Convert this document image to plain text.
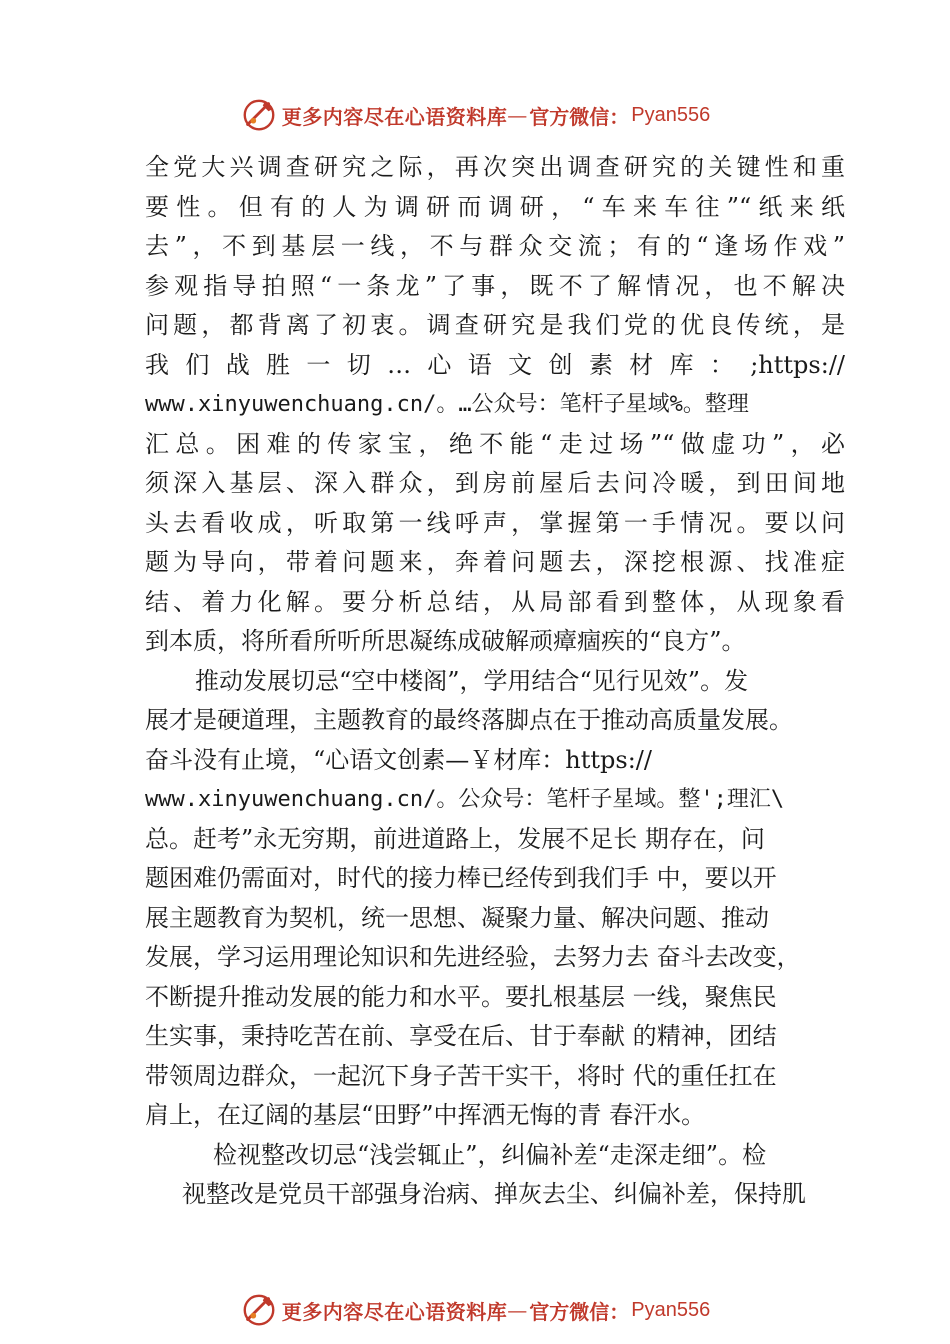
更多内容尽在心语资料库 — 官方微信： Pyan556
全党大兴调查研究之际，再次突出调查研究的关键性和重
要性。但有的人为调研而调研，“车来车往”“纸来纸
去”，不到基层一线，不与群众交流；有的“逢场作戏”
参观指导拍照“一条龙”了事，既不了解情况，也不解决
问题，都背离了初衷。调查研究是我们党的优良传统，是
我们战胜一切…心语文创素材库：;https://
www.xinyuwenchuang.cn/。…公众号：笔杆子星域%。整理
汇总。困难的传家宝，绝不能“走过场”“做虚功”，必
须深入基层、深入群众，到房前屋后去问冷暖，到田间地
头去看收成，听取第一线呼声，掌握第一手情况。要以问
题为导向，带着问题来，奔着问题去，深挖根源、找准症
结、着力化解。要分析总结，从局部看到整体，从现象看
到本质，将所看所听所思凝练成破解顽瘴痼疾的“良方”。
推动发展切忌“空中楼阁”，学用结合“见行见效”。发
展才是硬道理，主题教育的最终落脚点在于推动高质量发展。
奋斗没有止境，“心语文创素—￥材库：https://
www.xinyuwenchuang.cn/。公众号：笔杆子星域。整';理汇\
总。赶考”永无穷期，前进道路上，发展不足长 期存在，问
题困难仍需面对，时代的接力棒已经传到我们手 中，要以开
展主题教育为契机，统一思想、凝聚力量、解决问题、推动
发展，学习运用理论知识和先进经验，去努力去 奋斗去改变，
不断提升推动发展的能力和水平。要扎根基层 一线，聚焦民
生实事，秉持吃苦在前、享受在后、甘于奉献 的精神，团结
带领周边群众，一起沉下身子苦干实干，将时 代的重任扛在
肩上，在辽阔的基层“田野”中挥洒无悔的青 春汗水。
检视整改切忌“浅尝辄止”，纠偏补差“走深走细”。检
视整改是党员干部强身治病、掸灰去尘、纠偏补差，保持肌
更多内容尽在心语资料库 — 官方微信： Pyan556
